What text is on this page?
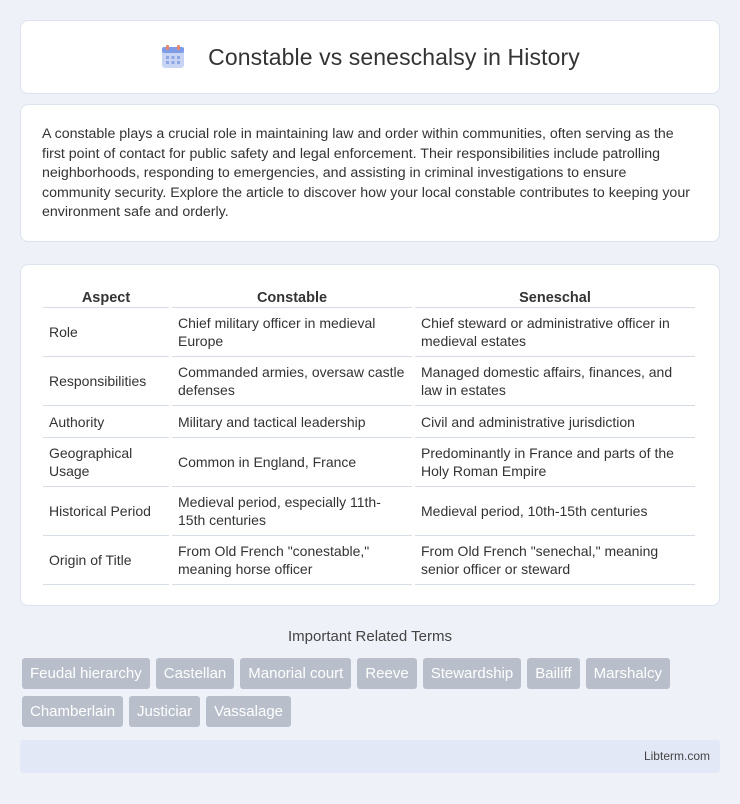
Constable vs seneschalsy in History

A constable plays a crucial role in maintaining law and order within communities, often serving as the first point of contact for public safety and legal enforcement. Their responsibilities include patrolling neighborhoods, responding to emergencies, and assisting in criminal investigations to ensure community security. Explore the article to discover how your local constable contributes to keeping your environment safe and orderly.

Aspect	Constable	Seneschal
Role	Chief military officer in medieval Europe	Chief steward or administrative officer in medieval estates
Responsibilities	Commanded armies, oversaw castle defenses	Managed domestic affairs, finances, and law in estates
Authority	Military and tactical leadership	Civil and administrative jurisdiction
Geographical Usage	Common in England, France	Predominantly in France and parts of the Holy Roman Empire
Historical Period	Medieval period, especially 11th-15th centuries	Medieval period, 10th-15th centuries
Origin of Title	From Old French "conestable," meaning horse officer	From Old French "senechal," meaning senior officer or steward
Important Related Terms
Feudal hierarchy	Castellan	Manorial court	Reeve	Stewardship	Bailiff	Marshalcy
Chamberlain	Justiciar	Vassalage
Libterm.com
